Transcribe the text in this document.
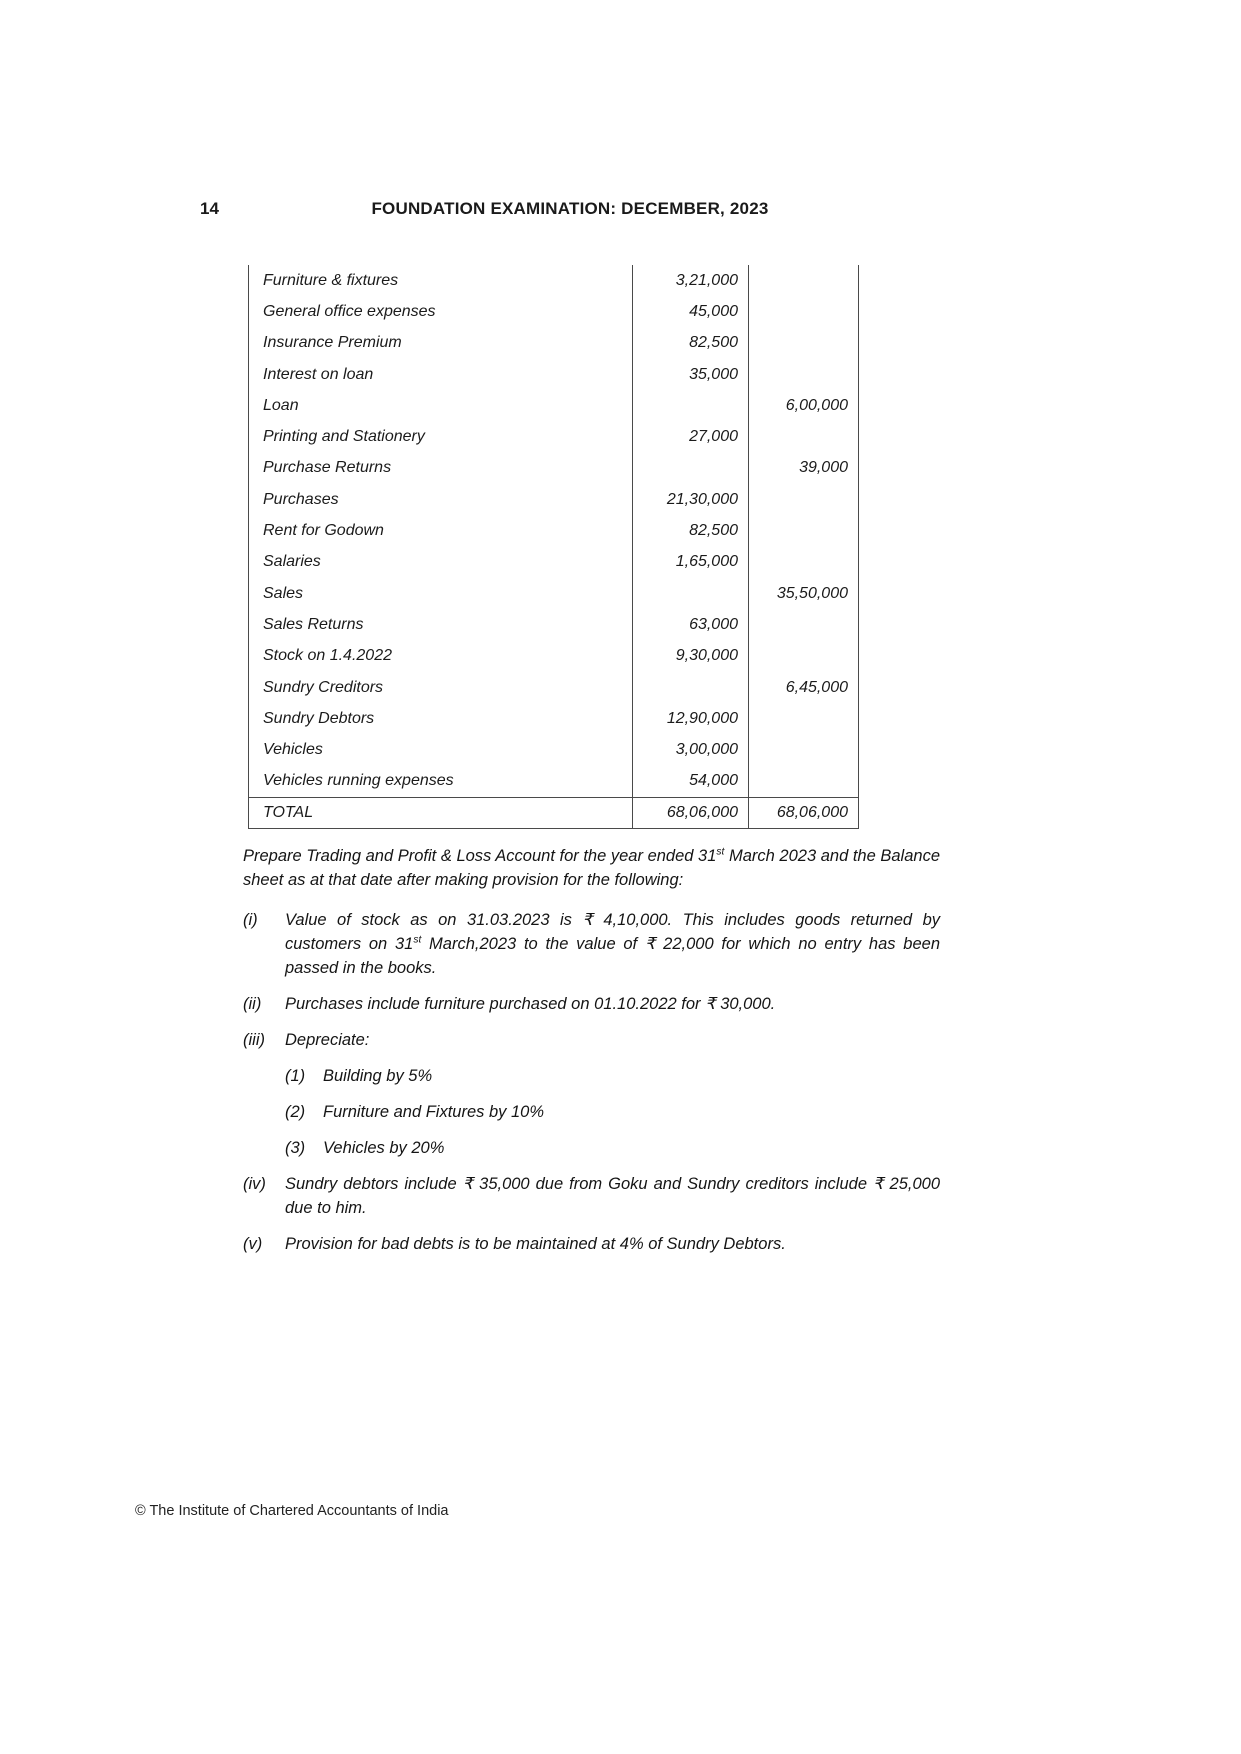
14	FOUNDATION EXAMINATION: DECEMBER, 2023
Furniture & fixtures	3,21,000	
General office expenses	45,000	
Insurance Premium	82,500	
Interest on loan	35,000	
Loan		6,00,000
Printing and Stationery	27,000	
Purchase Returns		39,000
Purchases	21,30,000	
Rent for Godown	82,500	
Salaries	1,65,000	
Sales		35,50,000
Sales Returns	63,000	
Stock on 1.4.2022	9,30,000	
Sundry Creditors		6,45,000
Sundry Debtors	12,90,000	
Vehicles	3,00,000	
Vehicles running expenses	54,000	
TOTAL	68,06,000	68,06,000

Prepare Trading and Profit & Loss Account for the year ended 31st March 2023 and the Balance sheet as at that date after making provision for the following:

(i)	Value of stock as on 31.03.2023 is ₹ 4,10,000. This includes goods returned by customers on 31st March,2023 to the value of ₹ 22,000 for which no entry has been passed in the books.
(ii)	Purchases include furniture purchased on 01.10.2022 for ₹ 30,000.
(iii)	Depreciate:
(1)	Building by 5%
(2)	Furniture and Fixtures by 10%
(3)	Vehicles by 20%
(iv)	Sundry debtors include ₹ 35,000 due from Goku and Sundry creditors include ₹ 25,000 due to him.
(v)	Provision for bad debts is to be maintained at 4% of Sundry Debtors.
© The Institute of Chartered Accountants of India
